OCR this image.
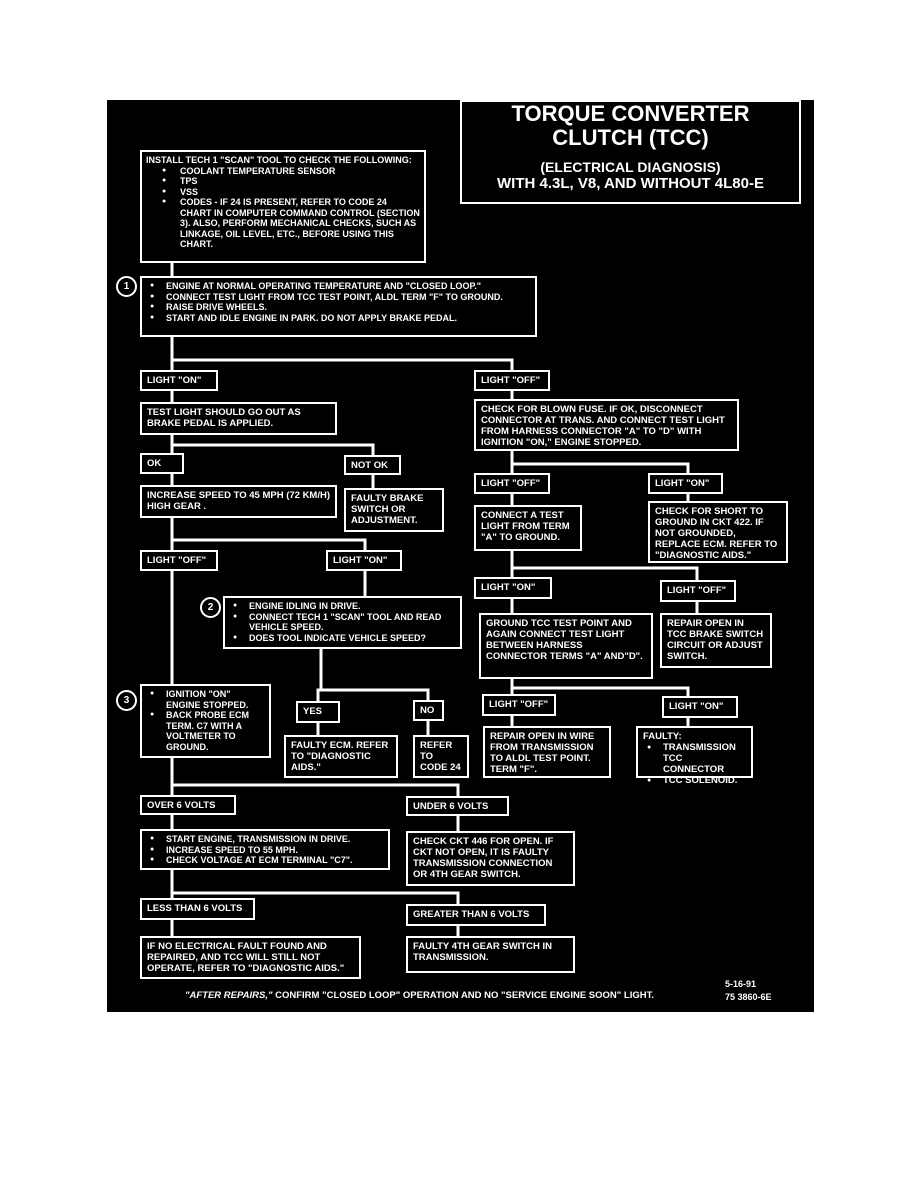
TORQUE CONVERTER
CLUTCH (TCC)
(ELECTRICAL DIAGNOSIS)
WITH 4.3L, V8, AND WITHOUT 4L80-E
INSTALL TECH 1 "SCAN" TOOL TO CHECK THE FOLLOWING:
● COOLANT TEMPERATURE SENSOR
● TPS
● VSS
● CODES - IF 24 IS PRESENT, REFER TO CODE 24 CHART IN COMPUTER COMMAND CONTROL (SECTION 3). ALSO, PERFORM MECHANICAL CHECKS, SUCH AS LINKAGE, OIL LEVEL, ETC., BEFORE USING THIS CHART.
1	● ENGINE AT NORMAL OPERATING TEMPERATURE AND "CLOSED LOOP."
● CONNECT TEST LIGHT FROM TCC TEST POINT, ALDL TERM "F" TO GROUND.
● RAISE DRIVE WHEELS.
● START AND IDLE ENGINE IN PARK. DO NOT APPLY BRAKE PEDAL.
LIGHT "ON"
TEST LIGHT SHOULD GO OUT AS BRAKE PEDAL IS APPLIED.
OK	NOT OK
INCREASE SPEED TO 45 MPH (72 KM/H) HIGH GEAR .
FAULTY BRAKE SWITCH OR ADJUSTMENT.
LIGHT "OFF"	LIGHT "ON"
2	● ENGINE IDLING IN DRIVE.
● CONNECT TECH 1 "SCAN" TOOL AND READ VEHICLE SPEED.
● DOES TOOL INDICATE VEHICLE SPEED?
3
● IGNITION "ON" ENGINE STOPPED.
● BACK PROBE ECM TERM. C7 WITH A VOLTMETER TO GROUND.
YES	NO
FAULTY ECM. REFER TO "DIAGNOSTIC AIDS."
REFER TO CODE 24
LIGHT "OFF"
CHECK FOR BLOWN FUSE. IF OK, DISCONNECT CONNECTOR AT TRANS. AND CONNECT TEST LIGHT FROM HARNESS CONNECTOR "A" TO "D" WITH IGNITION "ON," ENGINE STOPPED.
LIGHT "OFF"	LIGHT "ON"
CONNECT A TEST LIGHT FROM TERM "A" TO GROUND.
CHECK FOR SHORT TO GROUND IN CKT 422. IF NOT GROUNDED, REPLACE ECM. REFER TO "DIAGNOSTIC AIDS."
LIGHT "ON"	LIGHT "OFF"
GROUND TCC TEST POINT AND AGAIN CONNECT TEST LIGHT BETWEEN HARNESS CONNECTOR TERMS "A" AND"D".
REPAIR OPEN IN TCC BRAKE SWITCH CIRCUIT OR ADJUST SWITCH.
LIGHT "OFF"	LIGHT "ON"
REPAIR OPEN IN WIRE FROM TRANSMISSION TO ALDL TEST POINT. TERM "F".
FAULTY:
● TRANSMISSION TCC CONNECTOR
● TCC SOLENOID.
OVER 6 VOLTS	UNDER 6 VOLTS
● START ENGINE, TRANSMISSION IN DRIVE.
● INCREASE SPEED TO 55 MPH.
● CHECK VOLTAGE AT ECM TERMINAL "C7".
CHECK CKT 446 FOR OPEN. IF CKT NOT OPEN, IT IS FAULTY TRANSMISSION CONNECTION OR 4TH GEAR SWITCH.
LESS THAN 6 VOLTS
GREATER THAN 6 VOLTS
IF NO ELECTRICAL FAULT FOUND AND REPAIRED, AND TCC WILL STILL NOT OPERATE, REFER TO "DIAGNOSTIC AIDS."
FAULTY 4TH GEAR SWITCH IN TRANSMISSION.
"AFTER REPAIRS," CONFIRM "CLOSED LOOP" OPERATION AND NO "SERVICE ENGINE SOON" LIGHT.
5-16-91
75 3860-6E
